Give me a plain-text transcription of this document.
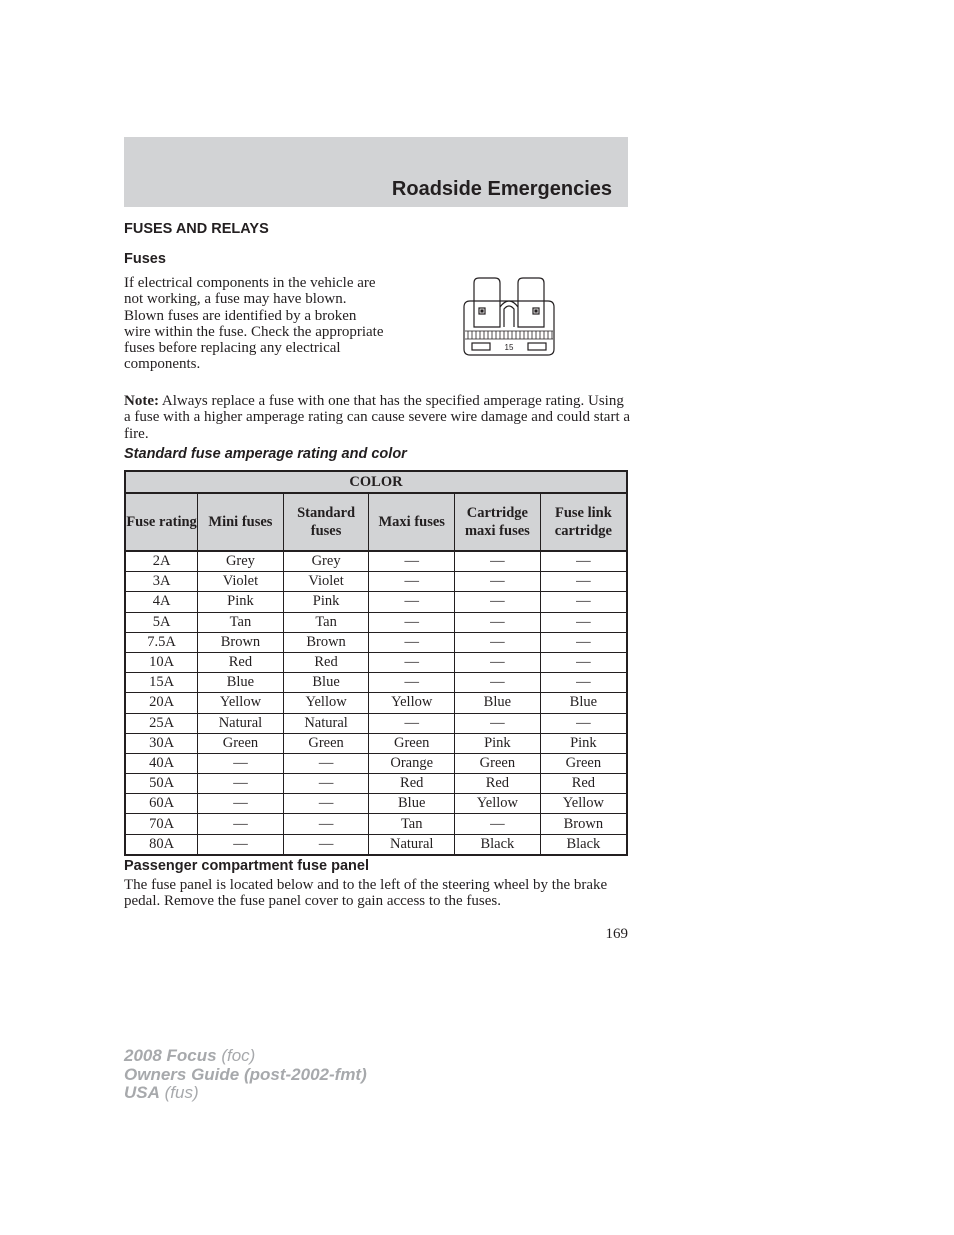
Roadside Emergencies
FUSES AND RELAYS
Fuses
If electrical components in the vehicle are not working, a fuse may have blown. Blown fuses are identified by a broken wire within the fuse. Check the appropriate fuses before replacing any electrical components.
15
Note: Always replace a fuse with one that has the specified amperage rating. Using a fuse with a higher amperage rating can cause severe wire damage and could start a fire.
Standard fuse amperage rating and color
COLOR					
Fuse rating	Mini fuses	Standard fuses	Maxi fuses	Cartridge maxi fuses	Fuse link cartridge
2A	Grey	Grey	—	—	—
3A	Violet	Violet	—	—	—
4A	Pink	Pink	—	—	—
5A	Tan	Tan	—	—	—
7.5A	Brown	Brown	—	—	—
10A	Red	Red	—	—	—
15A	Blue	Blue	—	—	—
20A	Yellow	Yellow	Yellow	Blue	Blue
25A	Natural	Natural	—	—	—
30A	Green	Green	Green	Pink	Pink
40A	—	—	Orange	Green	Green
50A	—	—	Red	Red	Red
60A	—	—	Blue	Yellow	Yellow
70A	—	—	Tan	—	Brown
80A	—	—	Natural	Black	Black
Passenger compartment fuse panel
The fuse panel is located below and to the left of the steering wheel by the brake pedal. Remove the fuse panel cover to gain access to the fuses.
169
2008 Focus (foc)
Owners Guide (post-2002-fmt)
USA (fus)
